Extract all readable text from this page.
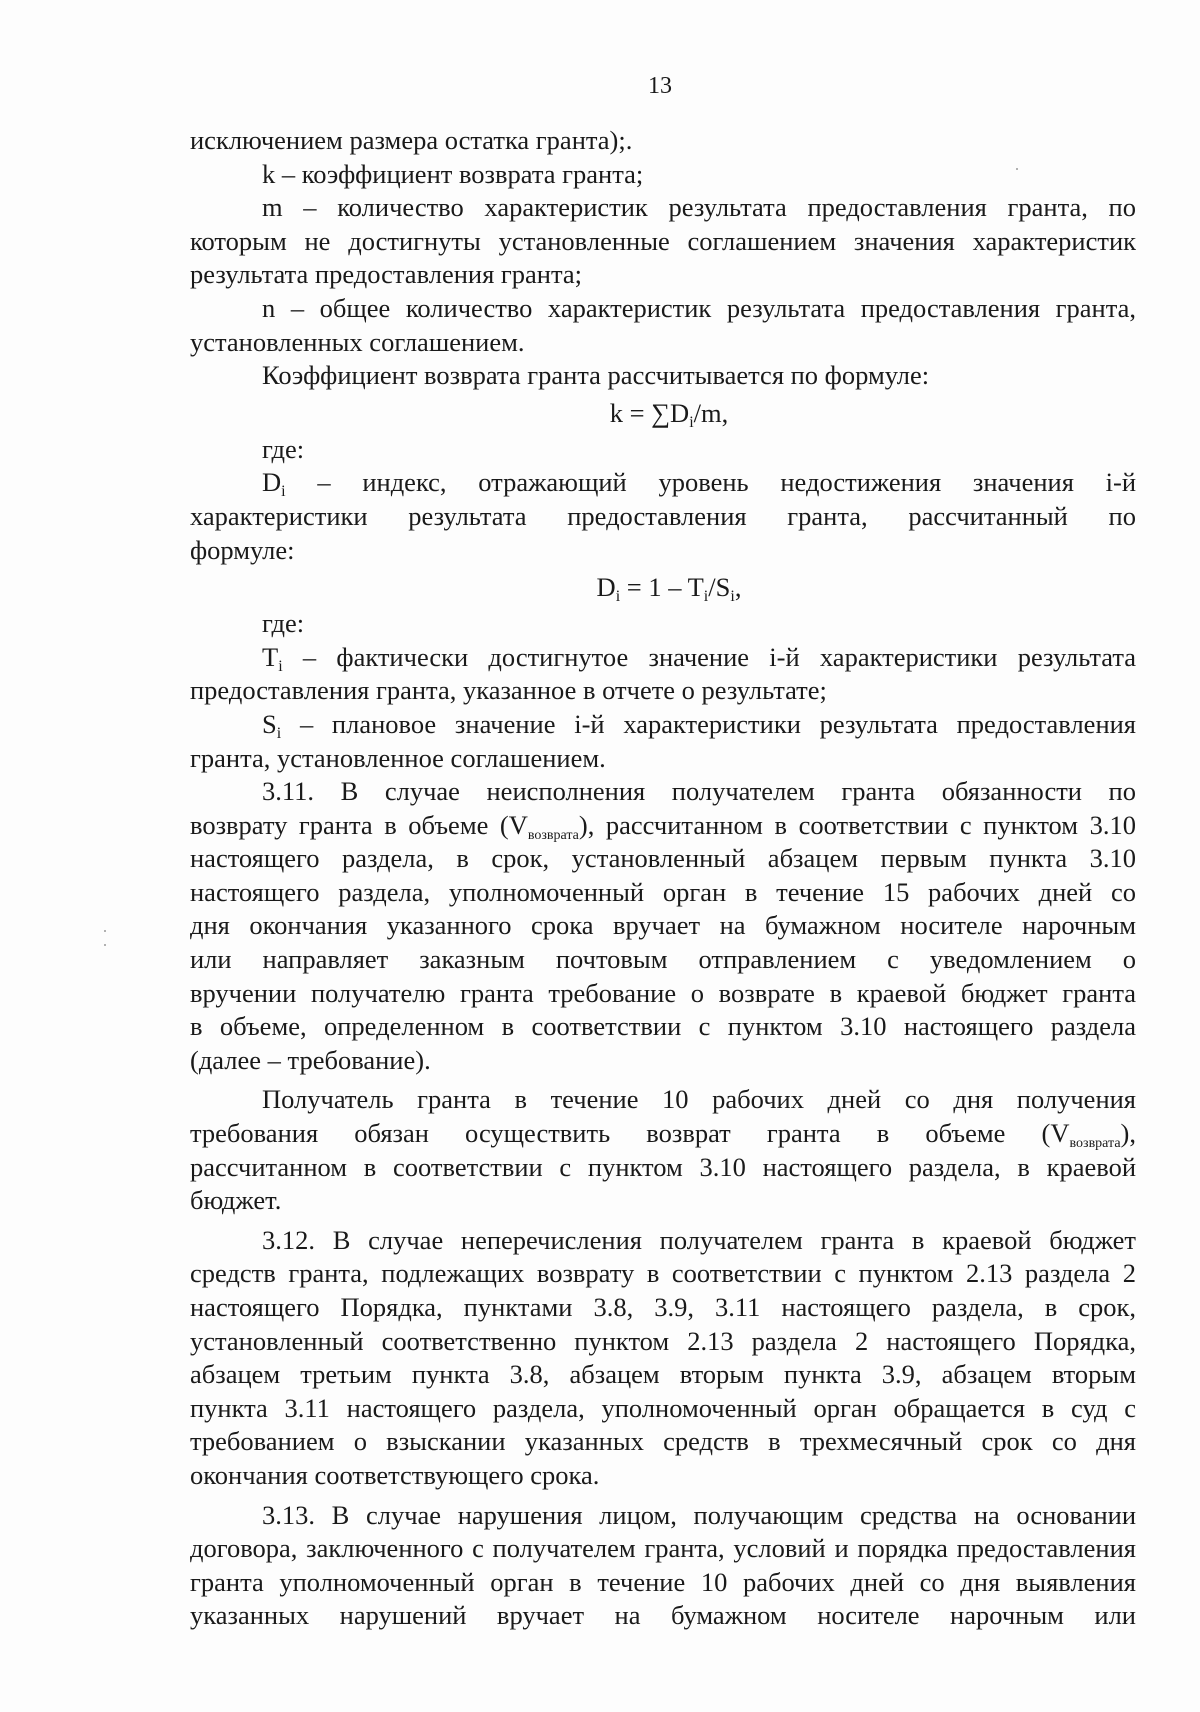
13
исключением размера остатка гранта);.
k – коэффициент возврата гранта;
m – количество характеристик результата предоставления гранта, по
которым не достигнуты установленные соглашением значения характеристик
результата предоставления гранта;
n – общее количество характеристик результата предоставления гранта,
установленных соглашением.
Коэффициент возврата гранта рассчитывается по формуле:
$k = \sum D_i/m$,
где:
$D_i$ – индекс, отражающий уровень недостижения значения i-й
характеристики результата предоставления гранта, рассчитанный по
формуле:
$D_i = 1 - T_i/S_i$,
где:
$T_i$ – фактически достигнутое значение i-й характеристики результата
предоставления гранта, указанное в отчете о результате;
$S_i$ – плановое значение i-й характеристики результата предоставления
гранта, установленное соглашением.
3.11. В случае неисполнения получателем гранта обязанности по
возврату гранта в объеме $(V_{возврата})$, рассчитанном в соответствии с пунктом 3.10
настоящего раздела, в срок, установленный абзацем первым пункта 3.10
настоящего раздела, уполномоченный орган в течение 15 рабочих дней со
дня окончания указанного срока вручает на бумажном носителе нарочным
или направляет заказным почтовым отправлением с уведомлением о
вручении получателю гранта требование о возврате в краевой бюджет гранта
в объеме, определенном в соответствии с пунктом 3.10 настоящего раздела
(далее – требование).
Получатель гранта в течение 10 рабочих дней со дня получения
требования обязан осуществить возврат гранта в объеме $(V_{возврата})$,
рассчитанном в соответствии с пунктом 3.10 настоящего раздела, в краевой
бюджет.
3.12. В случае неперечисления получателем гранта в краевой бюджет
средств гранта, подлежащих возврату в соответствии с пунктом 2.13 раздела 2
настоящего Порядка, пунктами 3.8, 3.9, 3.11 настоящего раздела, в срок,
установленный соответственно пунктом 2.13 раздела 2 настоящего Порядка,
абзацем третьим пункта 3.8, абзацем вторым пункта 3.9, абзацем вторым
пункта 3.11 настоящего раздела, уполномоченный орган обращается в суд с
требованием о взыскании указанных средств в трехмесячный срок со дня
окончания соответствующего срока.
3.13. В случае нарушения лицом, получающим средства на основании
договора, заключенного с получателем гранта, условий и порядка предоставления
гранта уполномоченный орган в течение 10 рабочих дней со дня выявления
указанных нарушений вручает на бумажном носителе нарочным или
